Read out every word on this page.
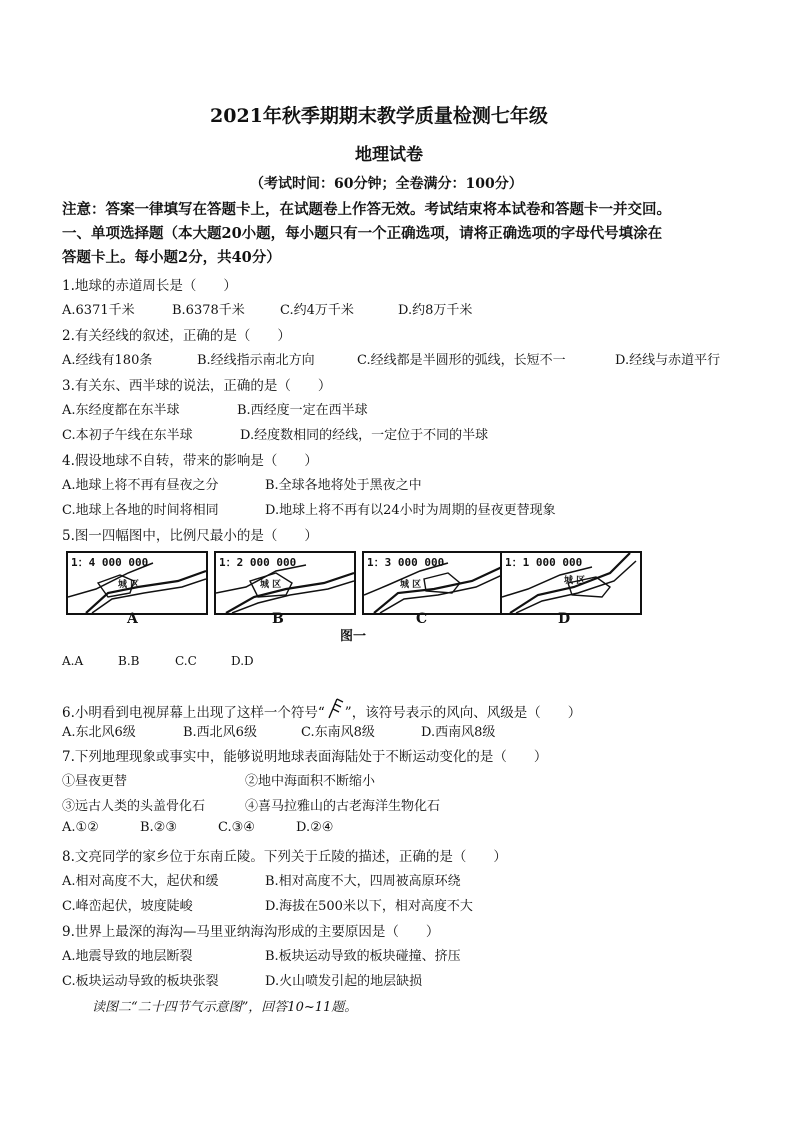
2021年秋季期期末教学质量检测七年级
地理试卷
（考试时间：60分钟；全卷满分：100分）
注意：答案一律填写在答题卡上，在试题卷上作答无效。考试结束将本试卷和答题卡一并交回。
一、单项选择题（本大题20小题，每小题只有一个正确选项，请将正确选项的字母代号填涂在
答题卡上。每小题2分，共40分）
1.地球的赤道周长是（　　）
A.6371千米	B.6378千米	C.约4万千米	D.约8万千米
2.有关经线的叙述，正确的是（　　）
A.经线有180条	B.经线指示南北方向	C.经线都是半圆形的弧线，长短不一	D.经线与赤道平行
3.有关东、西半球的说法，正确的是（　　）
A.东经度都在东半球	B.西经度一定在西半球
C.本初子午线在东半球	D.经度数相同的经线，一定位于不同的半球
4.假设地球不自转，带来的影响是（　　）
A.地球上将不再有昼夜之分	B.全球各地将处于黑夜之中
C.地球上各地的时间将相同	D.地球上将不再有以24小时为周期的昼夜更替现象
5.图一四幅图中，比例尺最小的是（　　）
1：4 000 000
城 区
1：2 000 000
城 区
1：3 000 000
城 区
1：1 000 000
城 区
A	B	C	D
图一
A.A	B.B	C.C	D.D
6.小明看到电视屏幕上出现了这样一个符号“ ”，该符号表示的风向、风级是（　　）
A.东北风6级	B.西北风6级	C.东南风8级	D.西南风8级
7.下列地理现象或事实中，能够说明地球表面海陆处于不断运动变化的是（　　）
①昼夜更替	②地中海面积不断缩小
③远古人类的头盖骨化石	④喜马拉雅山的古老海洋生物化石
A.①②	B.②③	C.③④	D.②④
8.文亮同学的家乡位于东南丘陵。下列关于丘陵的描述，正确的是（　　）
A.相对高度不大，起伏和缓	B.相对高度不大，四周被高原环绕
C.峰峦起伏，坡度陡峻	D.海拔在500米以下，相对高度不大
9.世界上最深的海沟—马里亚纳海沟形成的主要原因是（　　）
A.地震导致的地层断裂	B.板块运动导致的板块碰撞、挤压
C.板块运动导致的板块张裂	D.火山喷发引起的地层缺损
读图二“二十四节气示意图”，回答10~11题。
